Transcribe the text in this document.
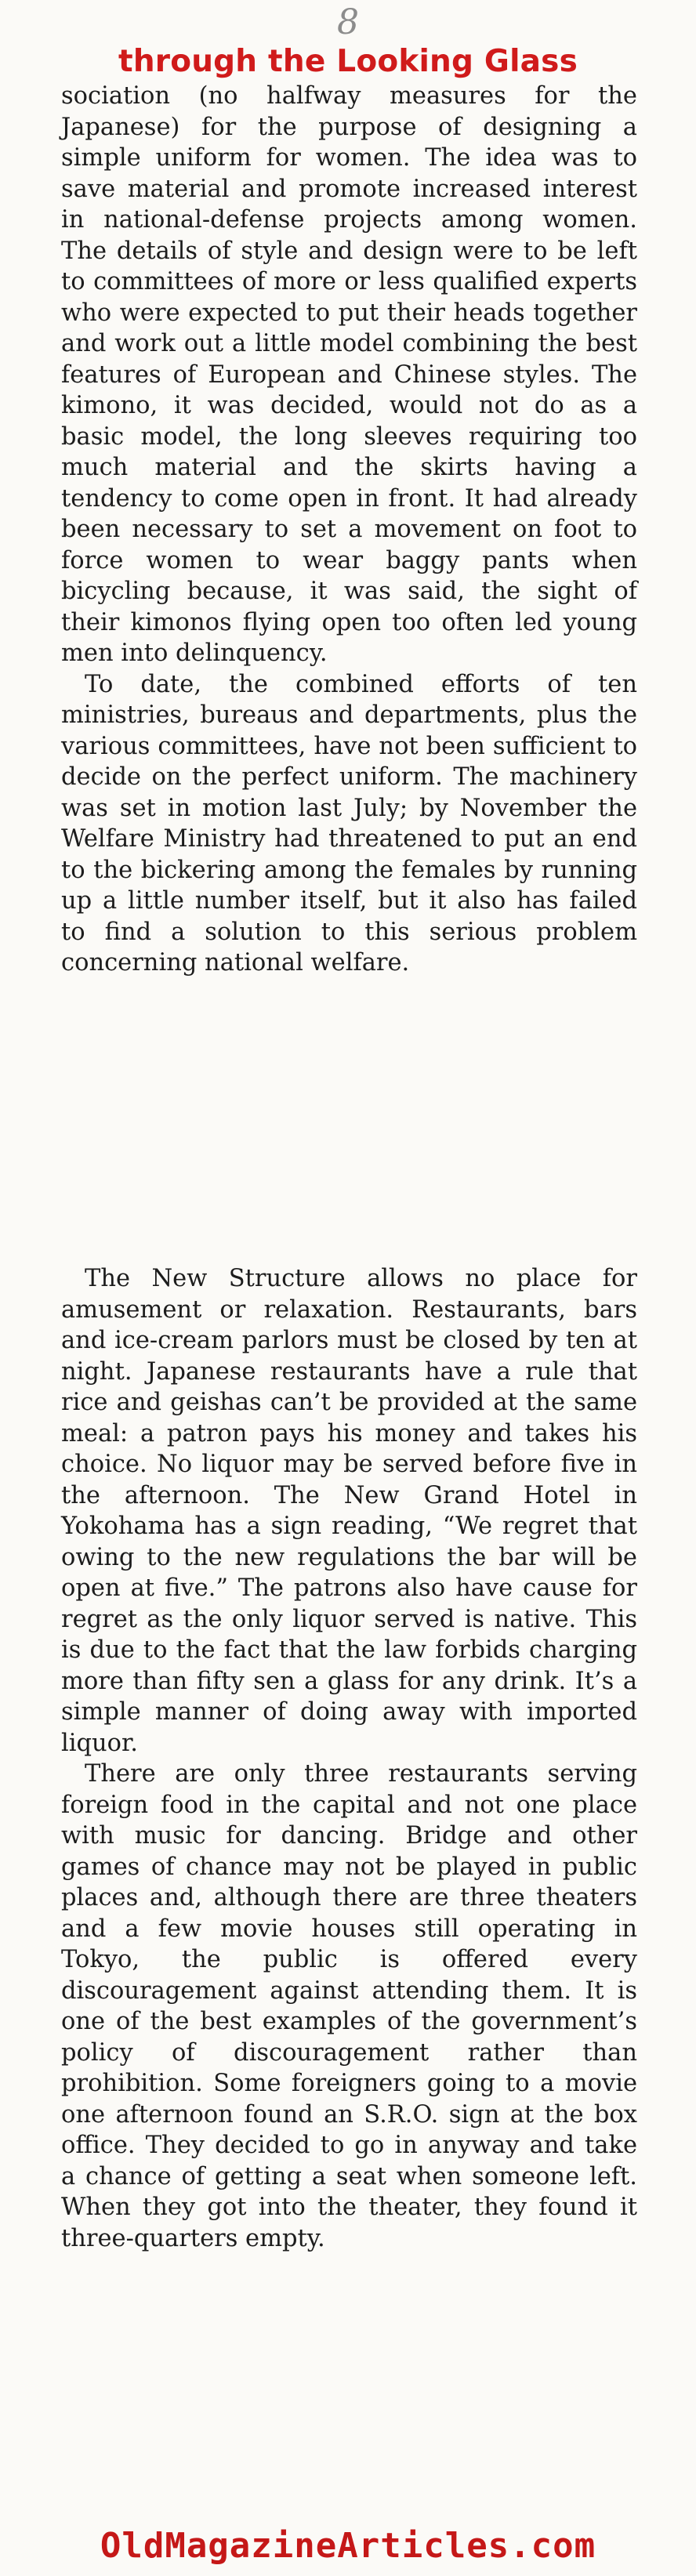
8
through the Looking Glass

sociation (no halfway measures for the Japanese) for the purpose of designing a simple uniform for women. The idea was to save material and promote increased interest in national-defense projects among women. The details of style and design were to be left to committees of more or less qualified experts who were expected to put their heads together and work out a little model combining the best features of European and Chinese styles. The kimono, it was decided, would not do as a basic model, the long sleeves requiring too much material and the skirts having a tendency to come open in front. It had already been necessary to set a movement on foot to force women to wear baggy pants when bicycling because, it was said, the sight of their kimonos flying open too often led young men into delinquency.

To date, the combined efforts of ten ministries, bureaus and departments, plus the various committees, have not been sufficient to decide on the perfect uniform. The machinery was set in motion last July; by November the Welfare Ministry had threatened to put an end to the bickering among the females by running up a little number itself, but it also has failed to find a solution to this serious problem concerning national welfare.

The New Structure allows no place for amusement or relaxation. Restaurants, bars and ice-cream parlors must be closed by ten at night. Japanese restaurants have a rule that rice and geishas can’t be provided at the same meal: a patron pays his money and takes his choice. No liquor may be served before five in the afternoon. The New Grand Hotel in Yokohama has a sign reading, “We regret that owing to the new regulations the bar will be open at five.” The patrons also have cause for regret as the only liquor served is native. This is due to the fact that the law forbids charging more than fifty sen a glass for any drink. It’s a simple manner of doing away with imported liquor.

There are only three restaurants serving foreign food in the capital and not one place with music for dancing. Bridge and other games of chance may not be played in public places and, although there are three theaters and a few movie houses still operating in Tokyo, the public is offered every discouragement against attending them. It is one of the best examples of the government’s policy of discouragement rather than prohibition. Some foreigners going to a movie one afternoon found an S.R.O. sign at the box office. They decided to go in anyway and take a chance of getting a seat when someone left. When they got into the theater, they found it three-quarters empty.

OldMagazineArticles.com
